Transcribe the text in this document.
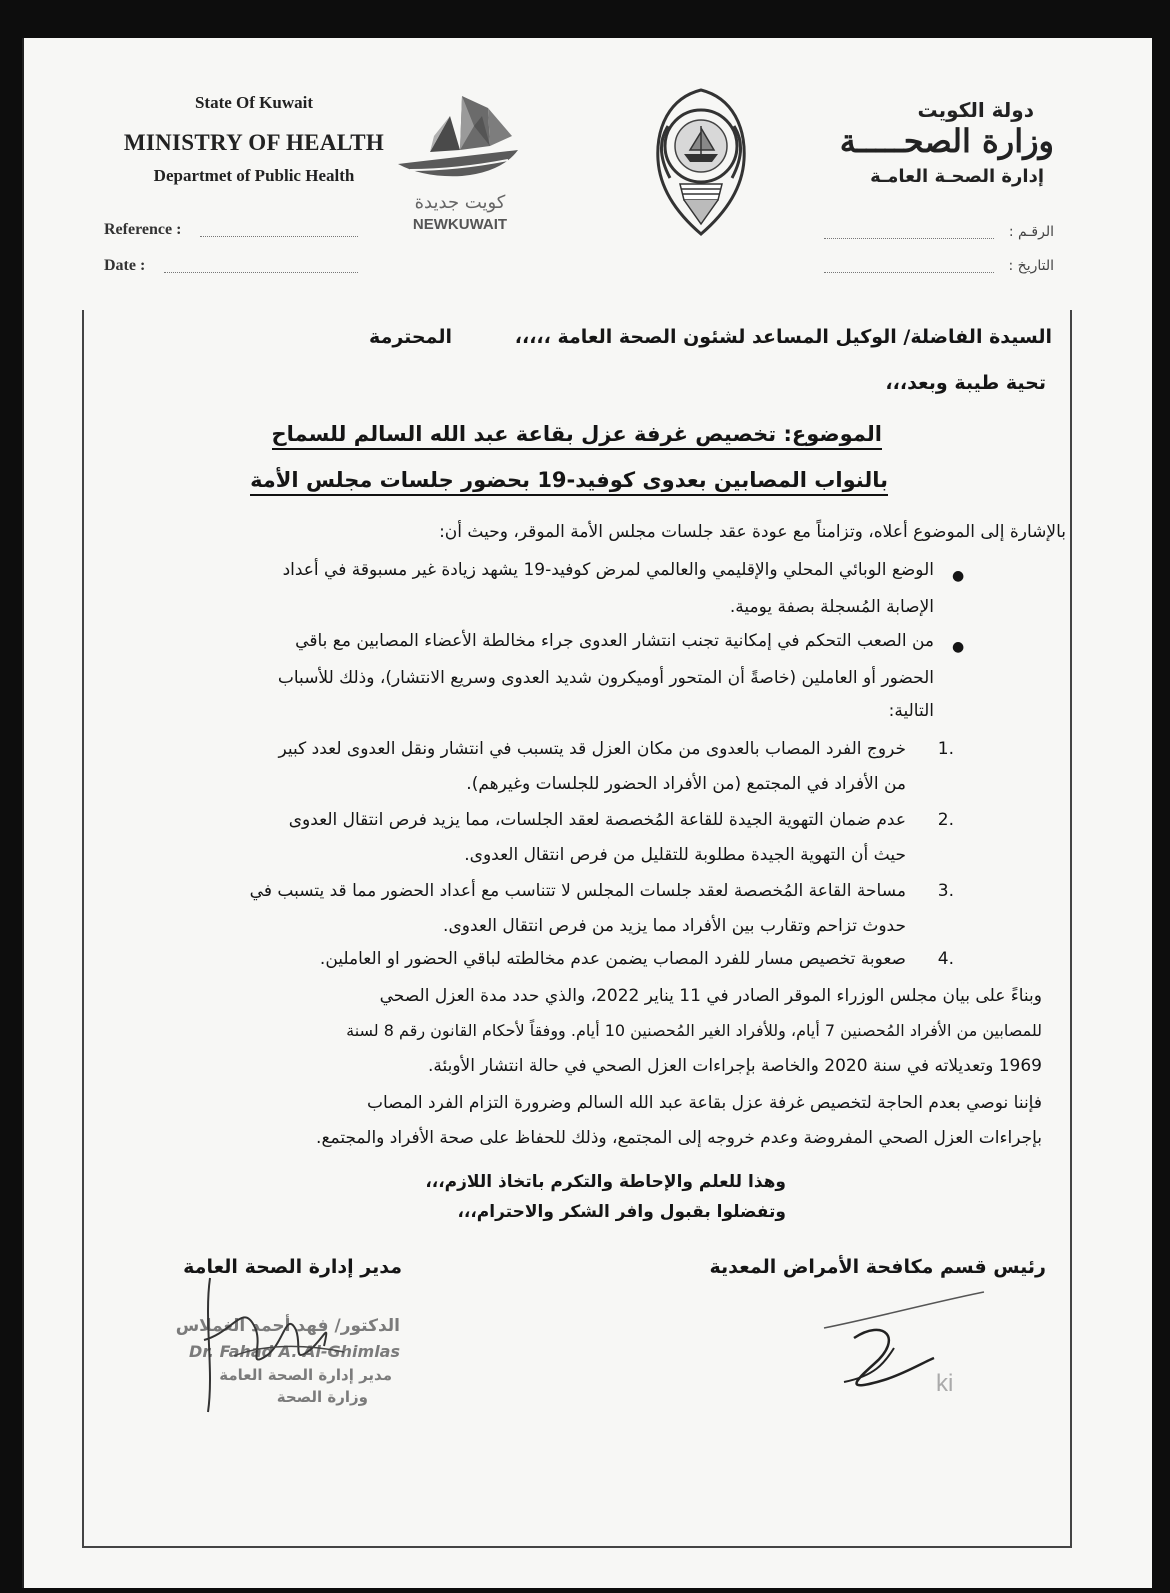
State Of Kuwait
MINISTRY OF HEALTH
Departmet of Public Health
Reference :
Date :
كويت جديدة
NEWKUWAIT
دولة الكويت
وزارة الصحـــــة
إدارة الصحـة العامـة
الرقـم :
التاريخ :
السيدة الفاضلة/ الوكيل المساعد لشئون الصحة العامة ،،،،،
المحترمة
تحية طيبة وبعد،،،
الموضوع: تخصيص غرفة عزل بقاعة عبد الله السالم للسماح
بالنواب المصابين بعدوى كوفيد-19 بحضور جلسات مجلس الأمة
بالإشارة إلى الموضوع أعلاه، وتزامناً مع عودة عقد جلسات مجلس الأمة الموقر، وحيث أن:
●
الوضع الوبائي المحلي والإقليمي والعالمي لمرض كوفيد-19 يشهد زيادة غير مسبوقة في أعداد
الإصابة المُسجلة بصفة يومية.
●
من الصعب التحكم في إمكانية تجنب انتشار العدوى جراء مخالطة الأعضاء المصابين مع باقي
الحضور أو العاملين (خاصةً أن المتحور أوميكرون شديد العدوى وسريع الانتشار)، وذلك للأسباب
التالية:
.1
خروج الفرد المصاب بالعدوى من مكان العزل قد يتسبب في انتشار ونقل العدوى لعدد كبير
من الأفراد في المجتمع (من الأفراد الحضور للجلسات وغيرهم).
.2
عدم ضمان التهوية الجيدة للقاعة المُخصصة لعقد الجلسات، مما يزيد فرص انتقال العدوى
حيث أن التهوية الجيدة مطلوبة للتقليل من فرص انتقال العدوى.
.3
مساحة القاعة المُخصصة لعقد جلسات المجلس لا تتناسب مع أعداد الحضور مما قد يتسبب في
حدوث تزاحم وتقارب بين الأفراد مما يزيد من فرص انتقال العدوى.
.4
صعوبة تخصيص مسار للفرد المصاب يضمن عدم مخالطته لباقي الحضور او العاملين.
وبناءً على بيان مجلس الوزراء الموقر الصادر في 11 يناير 2022، والذي حدد مدة العزل الصحي
للمصابين من الأفراد المُحصنين 7 أيام، وللأفراد الغير المُحصنين 10 أيام. ووفقاً لأحكام القانون رقم 8 لسنة
1969 وتعديلاته في سنة 2020 والخاصة بإجراءات العزل الصحي في حالة انتشار الأوبئة.
فإننا نوصي بعدم الحاجة لتخصيص غرفة عزل بقاعة عبد الله السالم وضرورة التزام الفرد المصاب
بإجراءات العزل الصحي المفروضة وعدم خروجه إلى المجتمع، وذلك للحفاظ على صحة الأفراد والمجتمع.
وهذا للعلم والإحاطة والتكرم باتخاذ اللازم،،،
وتفضلوا بقبول وافر الشكر والاحترام،،،
رئيس قسم مكافحة الأمراض المعدية
مدير إدارة الصحة العامة
الدكتور/ فهد أحمد الغملاس
Dr. Fahad A. Al-Ghimlas
مدير إدارة الصحة العامة
وزارة الصحة	ki
